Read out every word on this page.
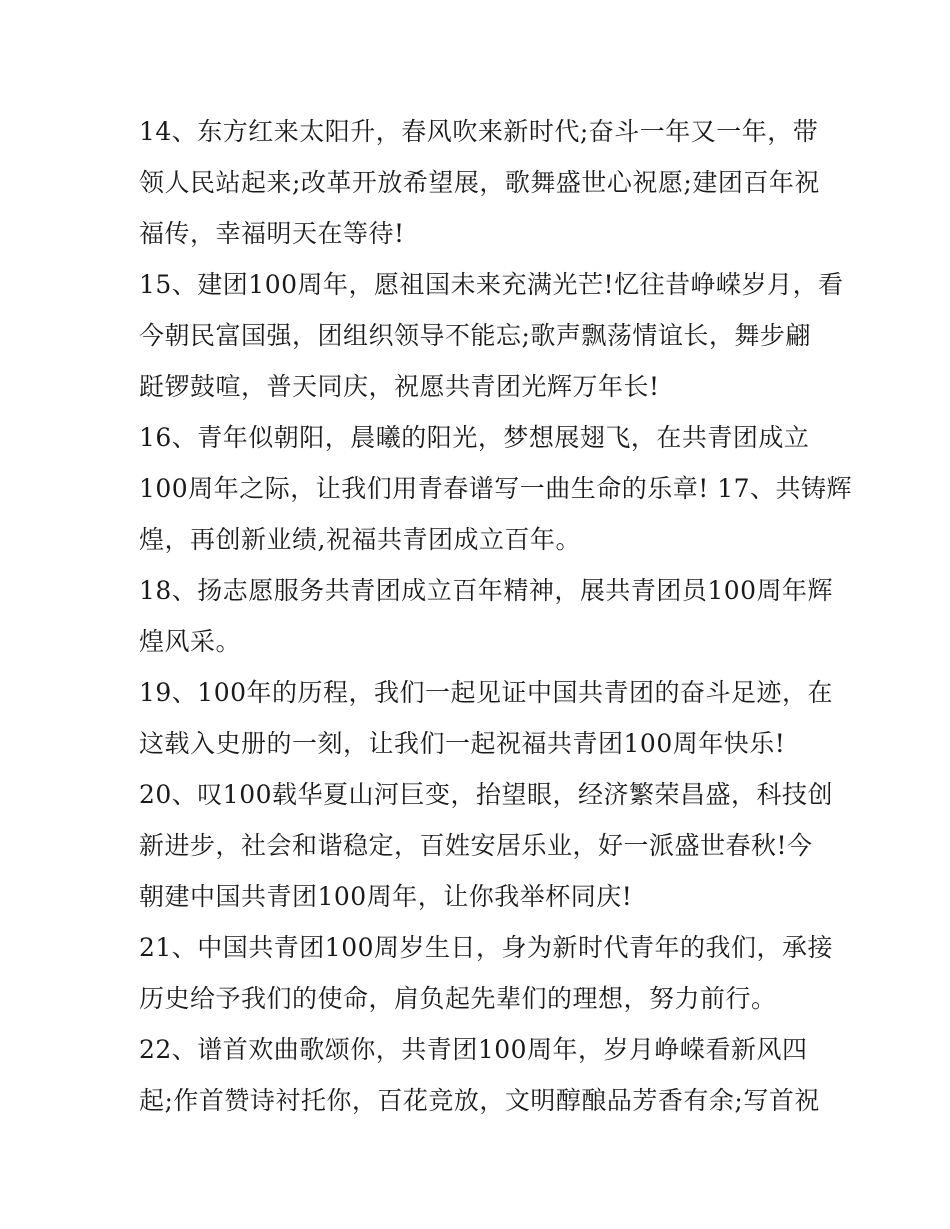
14、东方红来太阳升，春风吹来新时代;奋斗一年又一年，带
领人民站起来;改革开放希望展，歌舞盛世心祝愿;建团百年祝
福传，幸福明天在等待!
15、建团100周年，愿祖国未来充满光芒!忆往昔峥嵘岁月，看
今朝民富国强，团组织领导不能忘;歌声飘荡情谊长，舞步翩
跹锣鼓喧，普天同庆，祝愿共青团光辉万年长!
16、青年似朝阳，晨曦的阳光，梦想展翅飞，在共青团成立
100周年之际，让我们用青春谱写一曲生命的乐章! 17、共铸辉
煌，再创新业绩,祝福共青团成立百年。
18、扬志愿服务共青团成立百年精神，展共青团员100周年辉
煌风采。
19、100年的历程，我们一起见证中国共青团的奋斗足迹，在
这载入史册的一刻，让我们一起祝福共青团100周年快乐!
20、叹100载华夏山河巨变，抬望眼，经济繁荣昌盛，科技创
新进步，社会和谐稳定，百姓安居乐业，好一派盛世春秋!今
朝建中国共青团100周年，让你我举杯同庆!
21、中国共青团100周岁生日，身为新时代青年的我们，承接
历史给予我们的使命，肩负起先辈们的理想，努力前行。
22、谱首欢曲歌颂你，共青团100周年，岁月峥嵘看新风四
起;作首赞诗衬托你，百花竞放，文明醇酿品芳香有余;写首祝
